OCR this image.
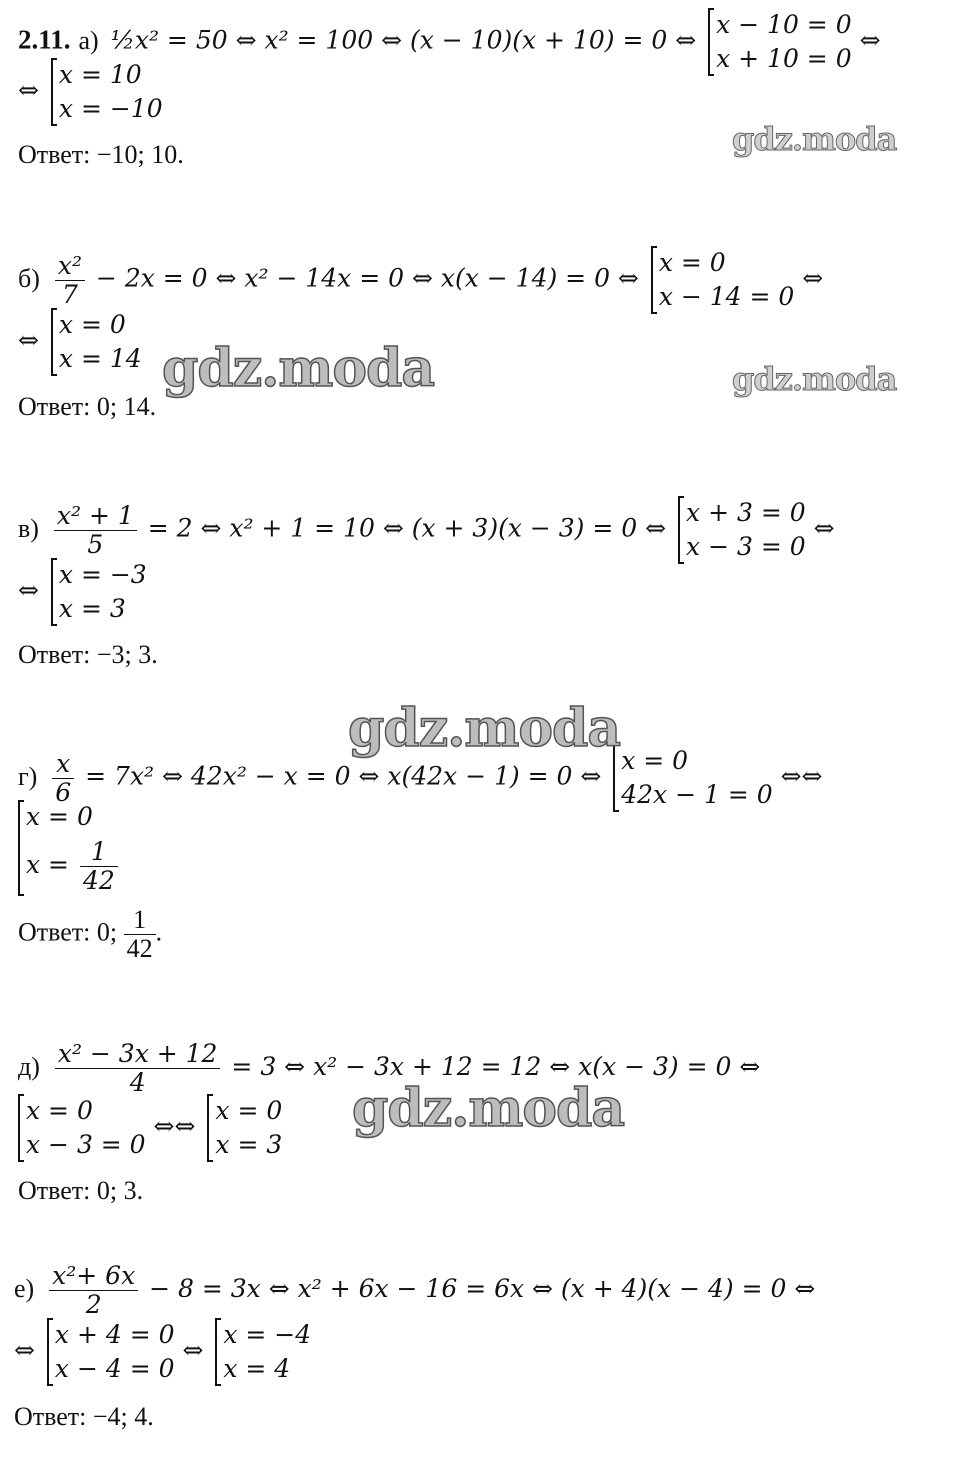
2.11. а) ½x² = 50 ⇔ x² = 100 ⇔ (x − 10)(x + 10) = 0 ⇔
x − 10 = 0
x + 10 = 0
⇔
⇔
x = 10
x = −10
Ответ: −10; 10.
$б) \frac{\text{x²}}{7} - 2x = 0$ ⇔ x² − 14x = 0 ⇔ x(x − 14) = 0 ⇔
x = 0
x − 14 = 0
⇔
⇔
x = 0
x = 14
Ответ: 0; 14.
$в) \frac{\text{x² + 1}}{5} = 2$ ⇔ x² + 1 = 10 ⇔ (x + 3)(x − 3) = 0 ⇔
x + 3 = 0
x − 3 = 0
⇔
⇔
x = −3
x = 3
Ответ: −3; 3.
$г) \frac{x}{6} = 7x^2$ ⇔ 42x² − x = 0 ⇔ x(42x − 1) = 0 ⇔
x = 0
42x − 1 = 0
⇔⇔
x = 0
$x = \frac{1}{42}$
Ответ: 0; $\frac{1}{42}$ .
$д) \frac{\text{x² − 3x + 12}}{4} = 3$ ⇔ x² − 3x + 12 = 12 ⇔ x(x − 3) = 0 ⇔
x = 0
x − 3 = 0
⇔⇔
x = 0
x = 3
Ответ: 0; 3.
$е) \frac{\text{x²+ 6x}}{2} - 8 = 3x$ ⇔ x² + 6x − 16 = 6x ⇔ (x + 4)(x − 4) = 0 ⇔
⇔
x + 4 = 0
x − 4 = 0
⇔
x = −4
x = 4
Ответ: −4; 4.
gdz.moda
gdz.moda	gdz.moda
gdz.moda
gdz.moda
